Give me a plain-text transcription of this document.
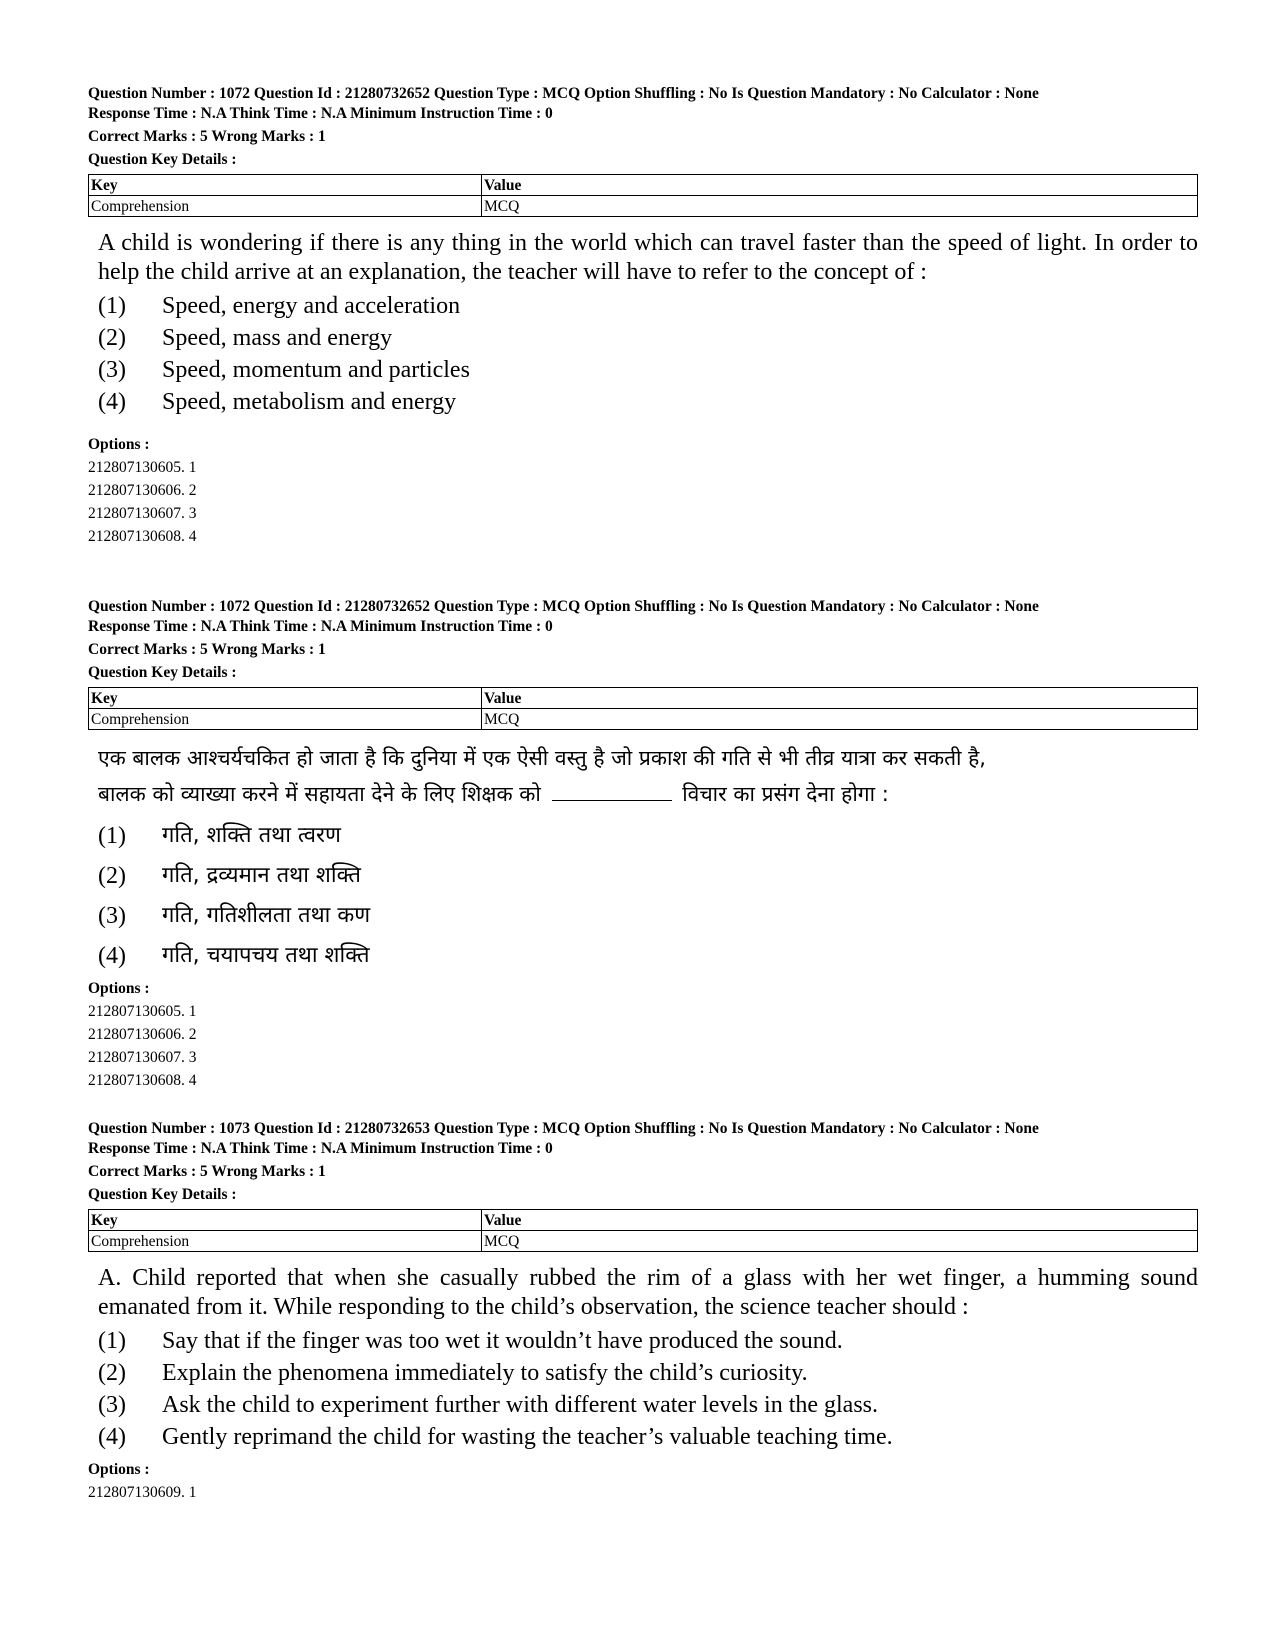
Question Number : 1072 Question Id : 21280732652 Question Type : MCQ Option Shuffling : No Is Question Mandatory : No Calculator : None
Response Time : N.A Think Time : N.A Minimum Instruction Time : 0
Correct Marks : 5 Wrong Marks : 1
Question Key Details :
Key	Value
Comprehension	MCQ
A child is wondering if there is any thing in the world which can travel faster than the speed of light. In order to help the child arrive at an explanation, the teacher will have to refer to the concept of :
(1)	Speed, energy and acceleration
(2)	Speed, mass and energy
(3)	Speed, momentum and particles
(4)	Speed, metabolism and energy
Options :
212807130605. 1
212807130606. 2
212807130607. 3
212807130608. 4
Question Number : 1072 Question Id : 21280732652 Question Type : MCQ Option Shuffling : No Is Question Mandatory : No Calculator : None
Response Time : N.A Think Time : N.A Minimum Instruction Time : 0
Correct Marks : 5 Wrong Marks : 1
Question Key Details :
Key	Value
Comprehension	MCQ
एक बालक आश्चर्यचकित हो जाता है कि दुनिया में एक ऐसी वस्तु है जो प्रकाश की गति से भी तीव्र यात्रा कर सकती है,
बालक को व्याख्या करने में सहायता देने के लिए शिक्षक को	विचार का प्रसंग देना होगा :
(1)	गति, शक्ति तथा त्वरण
(2)	गति, द्रव्यमान तथा शक्ति
(3)	गति, गतिशीलता तथा कण
(4)	गति, चयापचय तथा शक्ति
Options :
212807130605. 1
212807130606. 2
212807130607. 3
212807130608. 4
Question Number : 1073 Question Id : 21280732653 Question Type : MCQ Option Shuffling : No Is Question Mandatory : No Calculator : None
Response Time : N.A Think Time : N.A Minimum Instruction Time : 0
Correct Marks : 5 Wrong Marks : 1
Question Key Details :
Key	Value
Comprehension	MCQ
A. Child reported that when she casually rubbed the rim of a glass with her wet finger, a humming sound emanated from it. While responding to the child’s observation, the science teacher should :
(1)	Say that if the finger was too wet it wouldn’t have produced the sound.
(2)	Explain the phenomena immediately to satisfy the child’s curiosity.
(3)	Ask the child to experiment further with different water levels in the glass.
(4)	Gently reprimand the child for wasting the teacher’s valuable teaching time.
Options :
212807130609. 1
